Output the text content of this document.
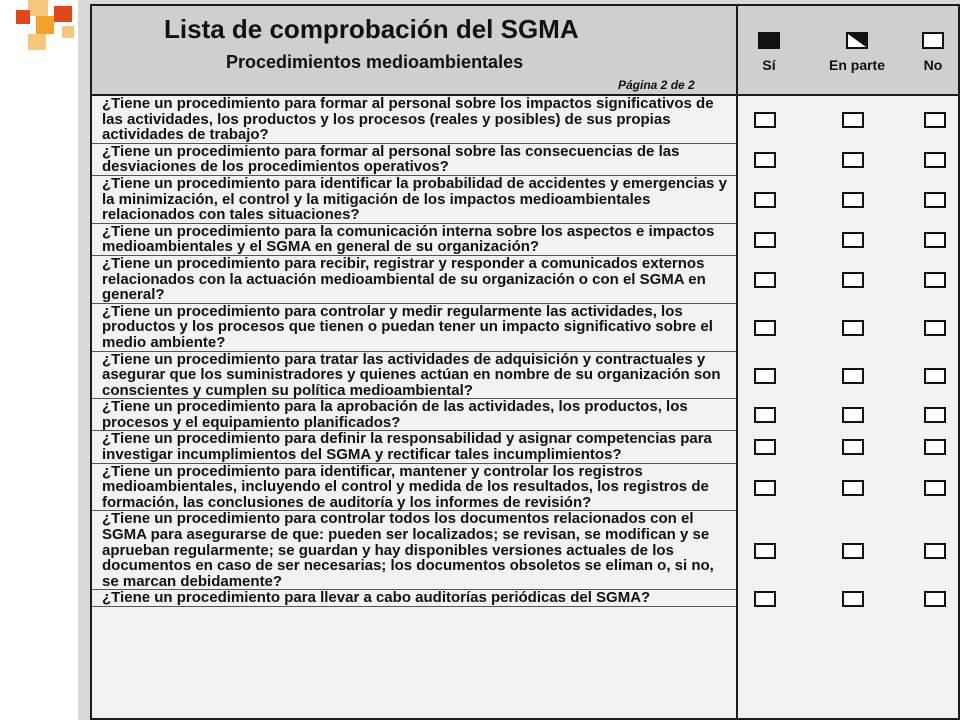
Lista de comprobación del SGMA
Procedimientos medioambientales
Página 2 de 2
Sí	En parte	No
¿Tiene un procedimiento para formar al personal sobre los impactos significativos de las actividades, los productos y los procesos (reales y posibles) de sus propias actividades de trabajo?
¿Tiene un procedimiento para formar al personal sobre las consecuencias de las desviaciones de los procedimientos operativos?
¿Tiene un procedimiento para identificar la probabilidad de accidentes y emergencias y la minimización, el control y la mitigación de los impactos medioambientales relacionados con tales situaciones?
¿Tiene un procedimiento para la comunicación interna sobre los aspectos e impactos medioambientales y el SGMA en general de su organización?
¿Tiene un procedimiento para recibir, registrar y responder a comunicados externos relacionados con la actuación medioambiental de su organización o con el SGMA en general?
¿Tiene un procedimiento para controlar y medir regularmente las actividades, los productos y los procesos que tienen o puedan tener un impacto significativo sobre el medio ambiente?
¿Tiene un procedimiento para tratar las actividades de adquisición y contractuales y asegurar que los suministradores y quienes actúan en nombre de su organización son conscientes y cumplen su política medioambiental?
¿Tiene un procedimiento para la aprobación de las actividades, los productos, los procesos y el equipamiento planificados?
¿Tiene un procedimiento para definir la responsabilidad y asignar competencias para investigar incumplimientos del SGMA y rectificar tales incumplimientos?
¿Tiene un procedimiento para identificar, mantener y controlar los registros medioambientales, incluyendo el control y medida de los resultados, los registros de formación, las conclusiones de auditoría y los informes de revisión?
¿Tiene un procedimiento para controlar todos los documentos relacionados con el SGMA para asegurarse de que: pueden ser localizados; se revisan, se modifican y se aprueban regularmente; se guardan y hay disponibles versiones actuales de los documentos en caso de ser necesarias; los documentos obsoletos se eliman o, si no, se marcan debidamente?
¿Tiene un procedimiento para llevar a cabo auditorías periódicas del SGMA?
